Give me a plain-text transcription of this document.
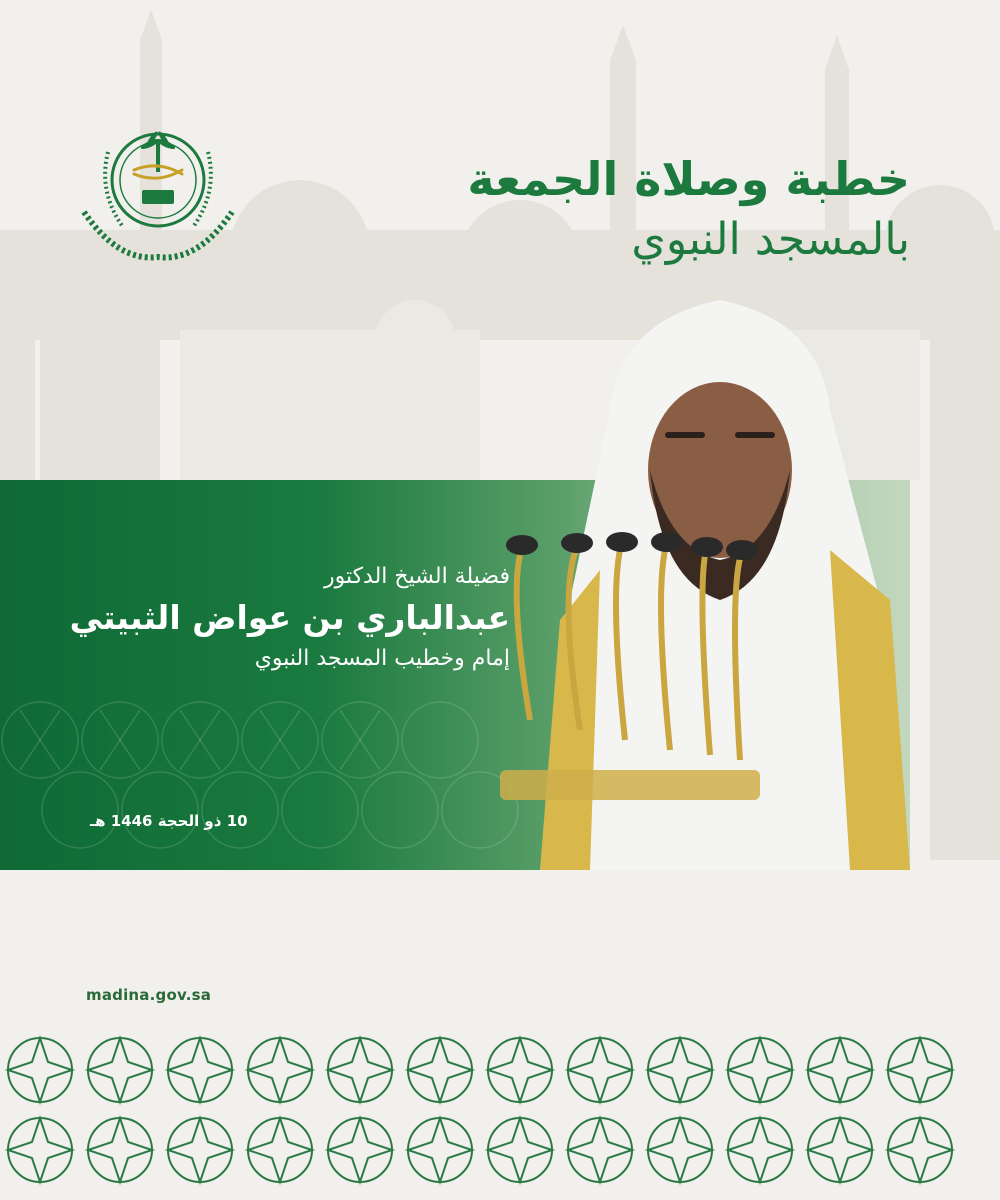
خطبة وصلاة الجمعة
بالمسجد النبوي
فضيلة الشيخ الدكتور
عبدالباري بن عواض الثبيتي
إمام وخطيب المسجد النبوي
10 ذو الحجة 1446 هـ
madina.gov.sa
